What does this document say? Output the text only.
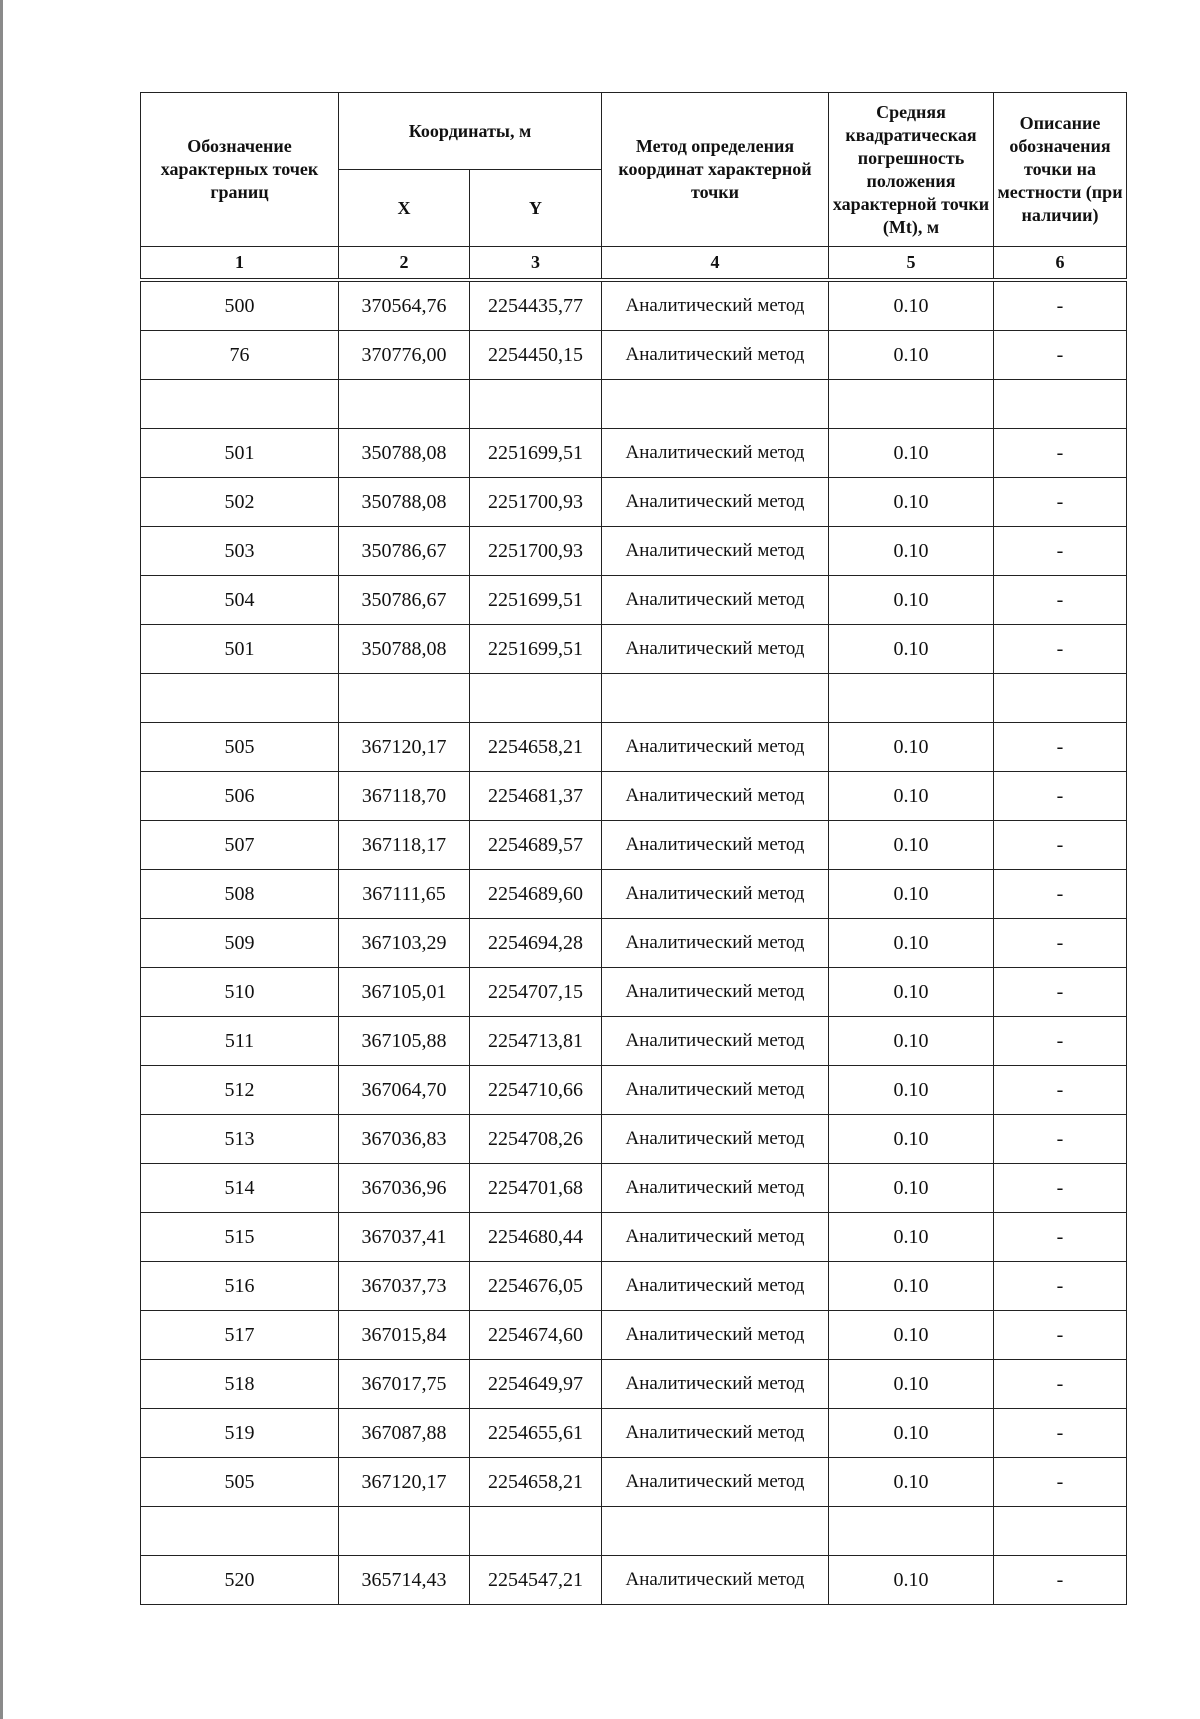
Обозначение характерных точек границ	Координаты, м		Метод определения координат характерной точки	Средняя квадратическая погрешность положения характерной точки (Mt), м	Описание обозначения точки на местности (при наличии)
	X	Y			
1	2	3	4	5	6
500	370564,76	2254435,77	Аналитический метод	0.10	-
76	370776,00	2254450,15	Аналитический метод	0.10	-

501	350788,08	2251699,51	Аналитический метод	0.10	-
502	350788,08	2251700,93	Аналитический метод	0.10	-
503	350786,67	2251700,93	Аналитический метод	0.10	-
504	350786,67	2251699,51	Аналитический метод	0.10	-
501	350788,08	2251699,51	Аналитический метод	0.10	-

505	367120,17	2254658,21	Аналитический метод	0.10	-
506	367118,70	2254681,37	Аналитический метод	0.10	-
507	367118,17	2254689,57	Аналитический метод	0.10	-
508	367111,65	2254689,60	Аналитический метод	0.10	-
509	367103,29	2254694,28	Аналитический метод	0.10	-
510	367105,01	2254707,15	Аналитический метод	0.10	-
511	367105,88	2254713,81	Аналитический метод	0.10	-
512	367064,70	2254710,66	Аналитический метод	0.10	-
513	367036,83	2254708,26	Аналитический метод	0.10	-
514	367036,96	2254701,68	Аналитический метод	0.10	-
515	367037,41	2254680,44	Аналитический метод	0.10	-
516	367037,73	2254676,05	Аналитический метод	0.10	-
517	367015,84	2254674,60	Аналитический метод	0.10	-
518	367017,75	2254649,97	Аналитический метод	0.10	-
519	367087,88	2254655,61	Аналитический метод	0.10	-
505	367120,17	2254658,21	Аналитический метод	0.10	-

520	365714,43	2254547,21	Аналитический метод	0.10	-
